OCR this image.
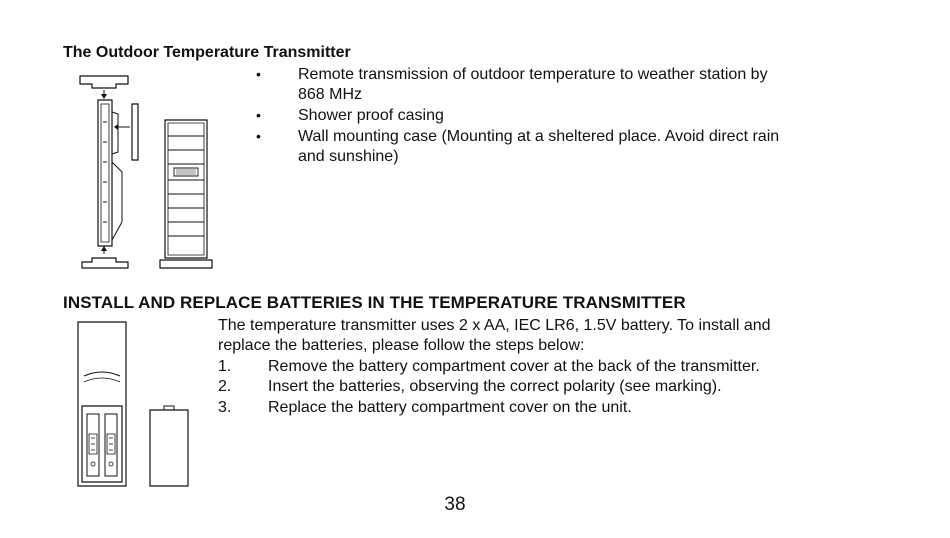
The Outdoor Temperature Transmitter
• Remote transmission of outdoor temperature to weather station by
868 MHz
• Shower proof casing
• Wall mounting case (Mounting at a sheltered place. Avoid direct rain
and sunshine)
INSTALL AND REPLACE BATTERIES IN THE TEMPERATURE TRANSMITTER
The temperature transmitter uses 2 x AA, IEC LR6, 1.5V battery. To install and
replace the batteries, please follow the steps below:
1. Remove the battery compartment cover at the back of the transmitter.
2. Insert the batteries, observing the correct polarity (see marking).
3. Replace the battery compartment cover on the unit.
38
